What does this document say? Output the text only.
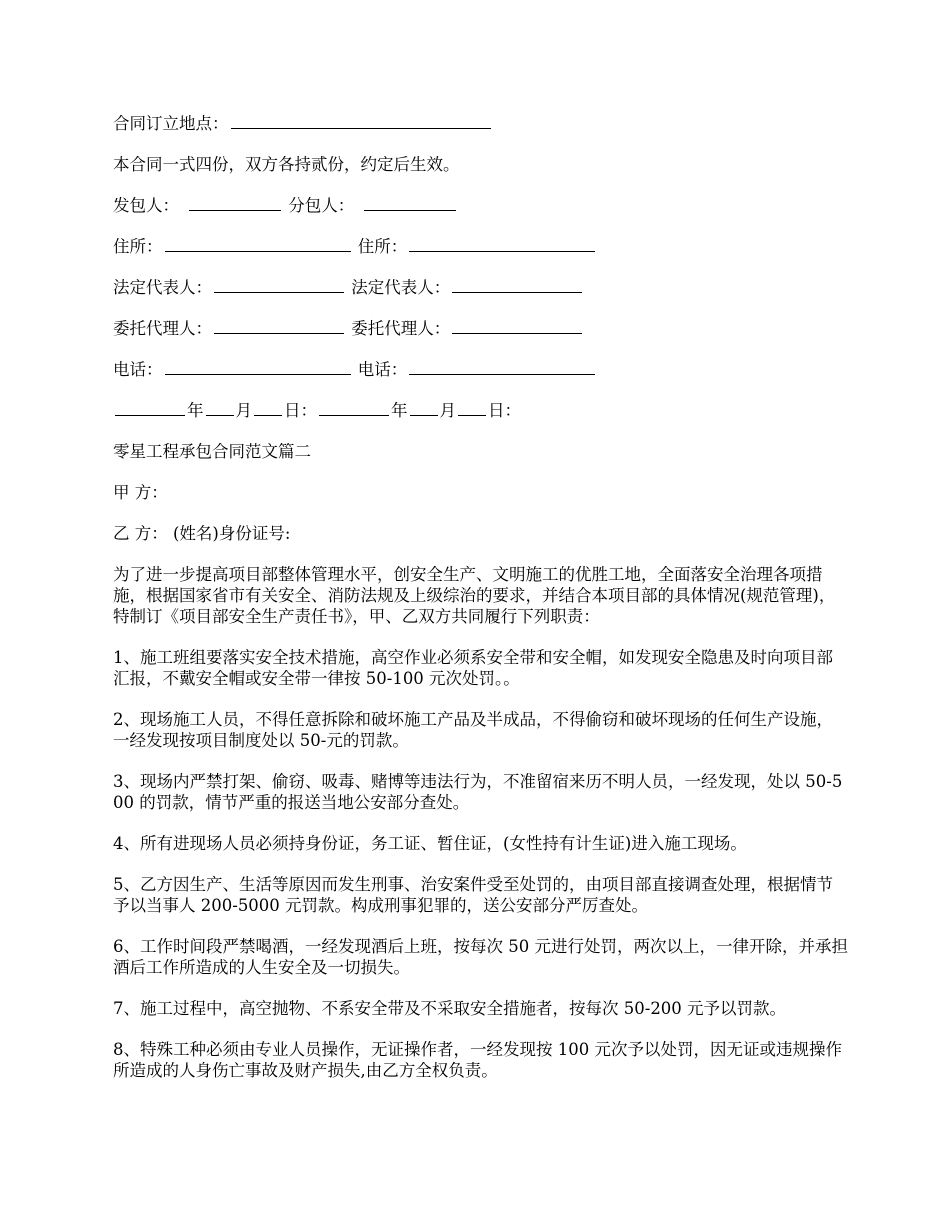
合同订立地点：
本合同一式四份，双方各持贰份，约定后生效。
发包人：	分包人：
住所：	住所：
法定代表人：	法定代表人：
委托代理人：	委托代理人：
电话：	电话：
年 月 日：	年 月 日：
零星工程承包合同范文篇二
甲 方：
乙 方： (姓名)身份证号:
为了进一步提高项目部整体管理水平，创安全生产、文明施工的优胜工地，全面落安全治理各项措施，根据国家省市有关安全、消防法规及上级综治的要求，并结合本项目部的具体情况(规范管理)，特制订《项目部安全生产责任书》，甲、乙双方共同履行下列职责：
1、施工班组要落实安全技术措施，高空作业必须系安全带和安全帽，如发现安全隐患及时向项目部汇报，不戴安全帽或安全带一律按 50-100 元次处罚。。
2、现场施工人员，不得任意拆除和破坏施工产品及半成品，不得偷窃和破坏现场的任何生产设施，一经发现按项目制度处以 50-元的罚款。
3、现场内严禁打架、偷窃、吸毒、赌博等违法行为，不准留宿来历不明人员，一经发现，处以 50-500 的罚款，情节严重的报送当地公安部分查处。
4、所有进现场人员必须持身份证，务工证、暂住证，(女性持有计生证)进入施工现场。
5、乙方因生产、生活等原因而发生刑事、治安案件受至处罚的，由项目部直接调查处理，根据情节予以当事人 200-5000 元罚款。构成刑事犯罪的，送公安部分严厉查处。
6、工作时间段严禁喝酒，一经发现酒后上班，按每次 50 元进行处罚，两次以上，一律开除，并承担酒后工作所造成的人生安全及一切损失。
7、施工过程中，高空抛物、不系安全带及不采取安全措施者，按每次 50-200 元予以罚款。
8、特殊工种必须由专业人员操作，无证操作者，一经发现按 100 元次予以处罚，因无证或违规操作所造成的人身伤亡事故及财产损失,由乙方全权负责。
